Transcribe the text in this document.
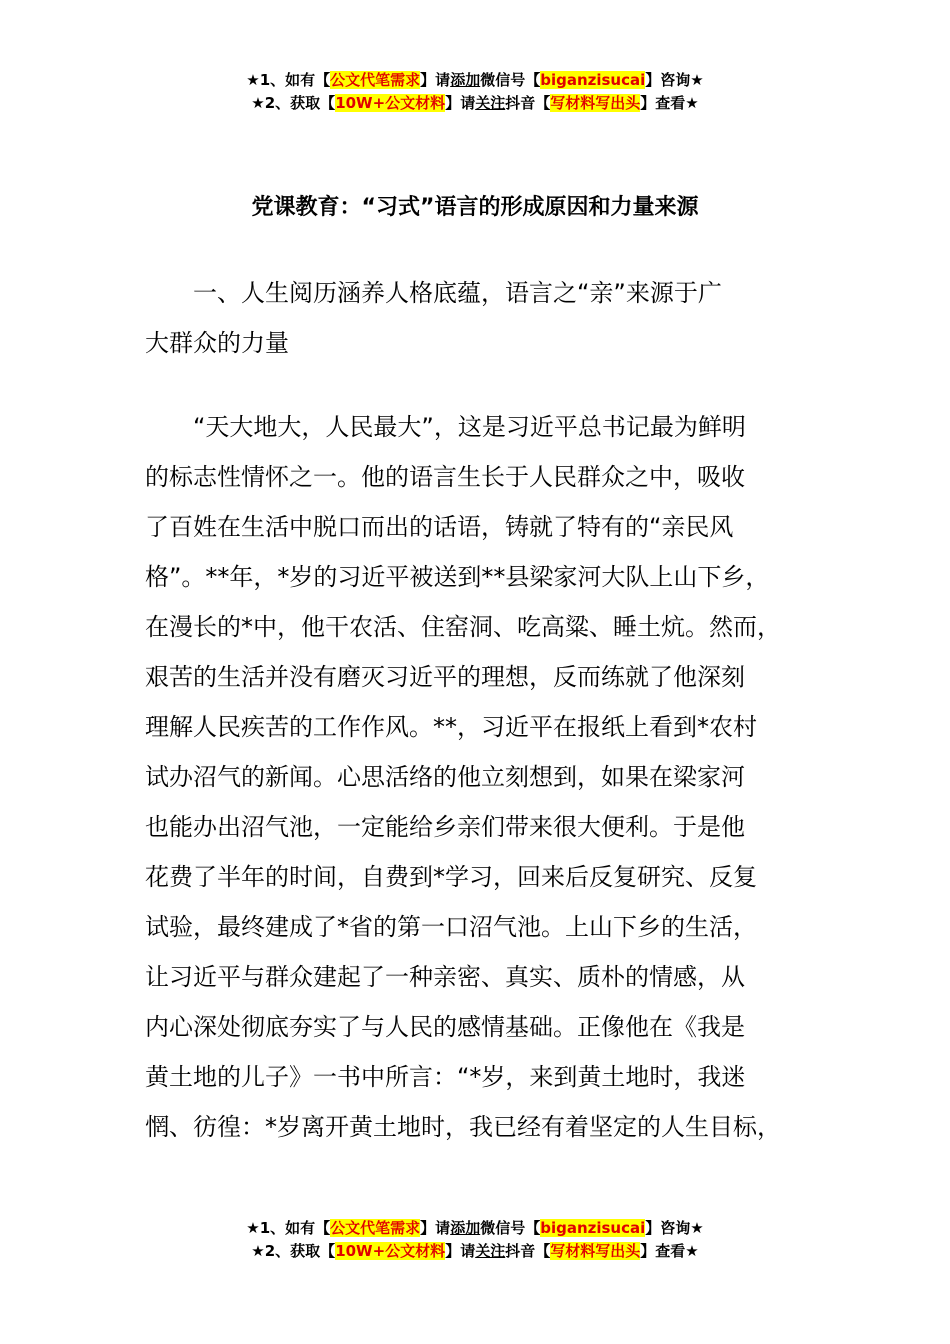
★1、如有【公文代笔需求】请添加微信号【biganzisucai】咨询★
★2、获取【10W+公文材料】请关注抖音【写材料写出头】查看★
党课教育：“习式”语言的形成原因和力量来源
一、人生阅历涵养人格底蕴，语言之“亲”来源于广
大群众的力量
“天大地大，人民最大”，这是习近平总书记最为鲜明
的标志性情怀之一。他的语言生长于人民群众之中，吸收
了百姓在生活中脱口而出的话语，铸就了特有的“亲民风
格”。**年，*岁的习近平被送到**县梁家河大队上山下乡，
在漫长的*中，他干农活、住窑洞、吃高粱、睡土炕。然而，
艰苦的生活并没有磨灭习近平的理想，反而练就了他深刻
理解人民疾苦的工作作风。**，习近平在报纸上看到*农村
试办沼气的新闻。心思活络的他立刻想到，如果在梁家河
也能办出沼气池，一定能给乡亲们带来很大便利。于是他
花费了半年的时间，自费到*学习，回来后反复研究、反复
试验，最终建成了*省的第一口沼气池。上山下乡的生活，
让习近平与群众建起了一种亲密、真实、质朴的情感，从
内心深处彻底夯实了与人民的感情基础。正像他在《我是
黄土地的儿子》一书中所言：“*岁，来到黄土地时，我迷
惘、彷徨：*岁离开黄土地时，我已经有着坚定的人生目标，
★1、如有【公文代笔需求】请添加微信号【biganzisucai】咨询★
★2、获取【10W+公文材料】请关注抖音【写材料写出头】查看★
